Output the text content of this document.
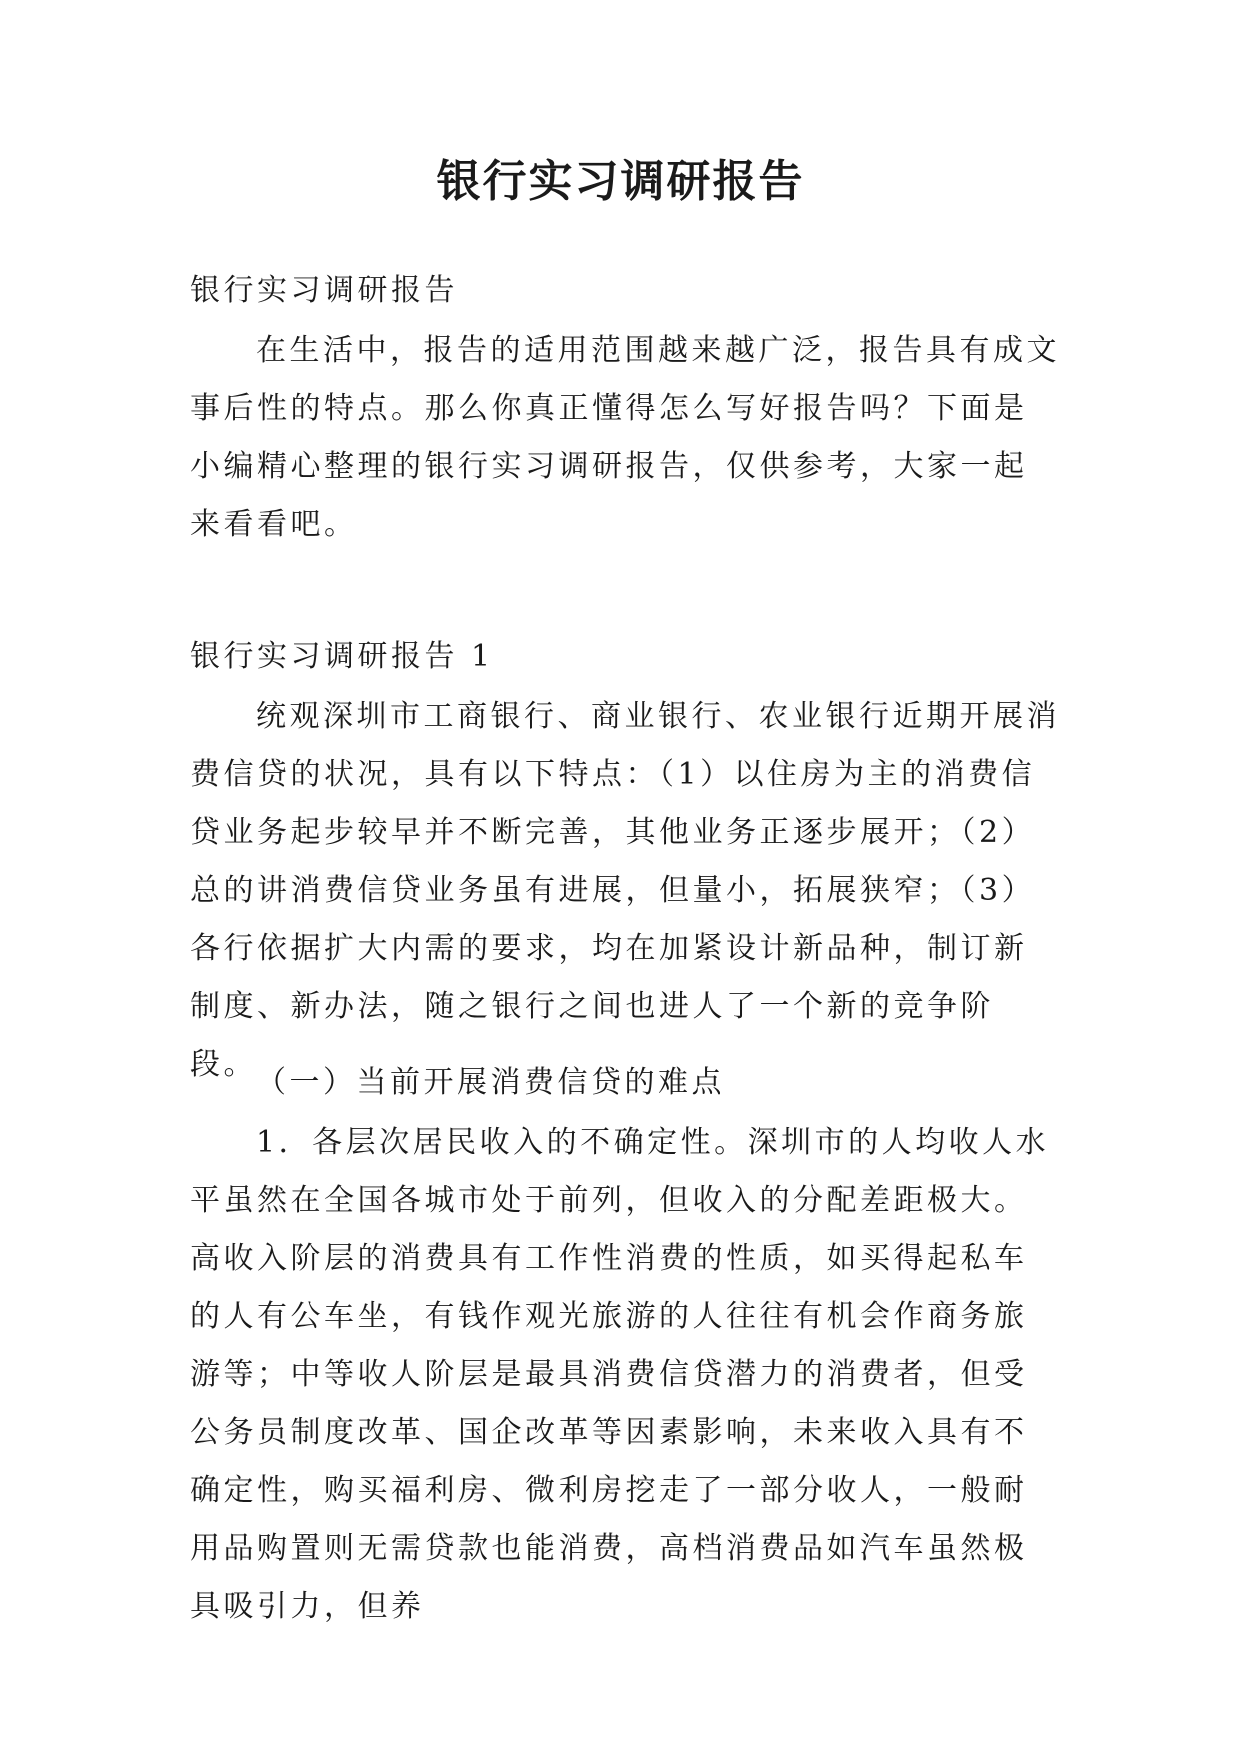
银行实习调研报告

银行实习调研报告

在生活中，报告的适用范围越来越广泛，报告具有成文事后性的特点。那么你真正懂得怎么写好报告吗？下面是小编精心整理的银行实习调研报告，仅供参考，大家一起来看看吧。

银行实习调研报告 1

统观深圳市工商银行、商业银行、农业银行近期开展消费信贷的状况，具有以下特点：（1）以住房为主的消费信贷业务起步较早并不断完善，其他业务正逐步展开；（2）总的讲消费信贷业务虽有进展，但量小，拓展狭窄；（3）各行依据扩大内需的要求，均在加紧设计新品种，制订新制度、新办法，随之银行之间也进人了一个新的竞争阶段。

（一）当前开展消费信贷的难点

1．各层次居民收入的不确定性。深圳市的人均收人水平虽然在全国各城市处于前列，但收入的分配差距极大。高收入阶层的消费具有工作性消费的性质，如买得起私车的人有公车坐，有钱作观光旅游的人往往有机会作商务旅游等；中等收人阶层是最具消费信贷潜力的消费者，但受公务员制度改革、国企改革等因素影响，未来收入具有不确定性，购买福利房、微利房挖走了一部分收人，一般耐用品购置则无需贷款也能消费，高档消费品如汽车虽然极具吸引力，但养
